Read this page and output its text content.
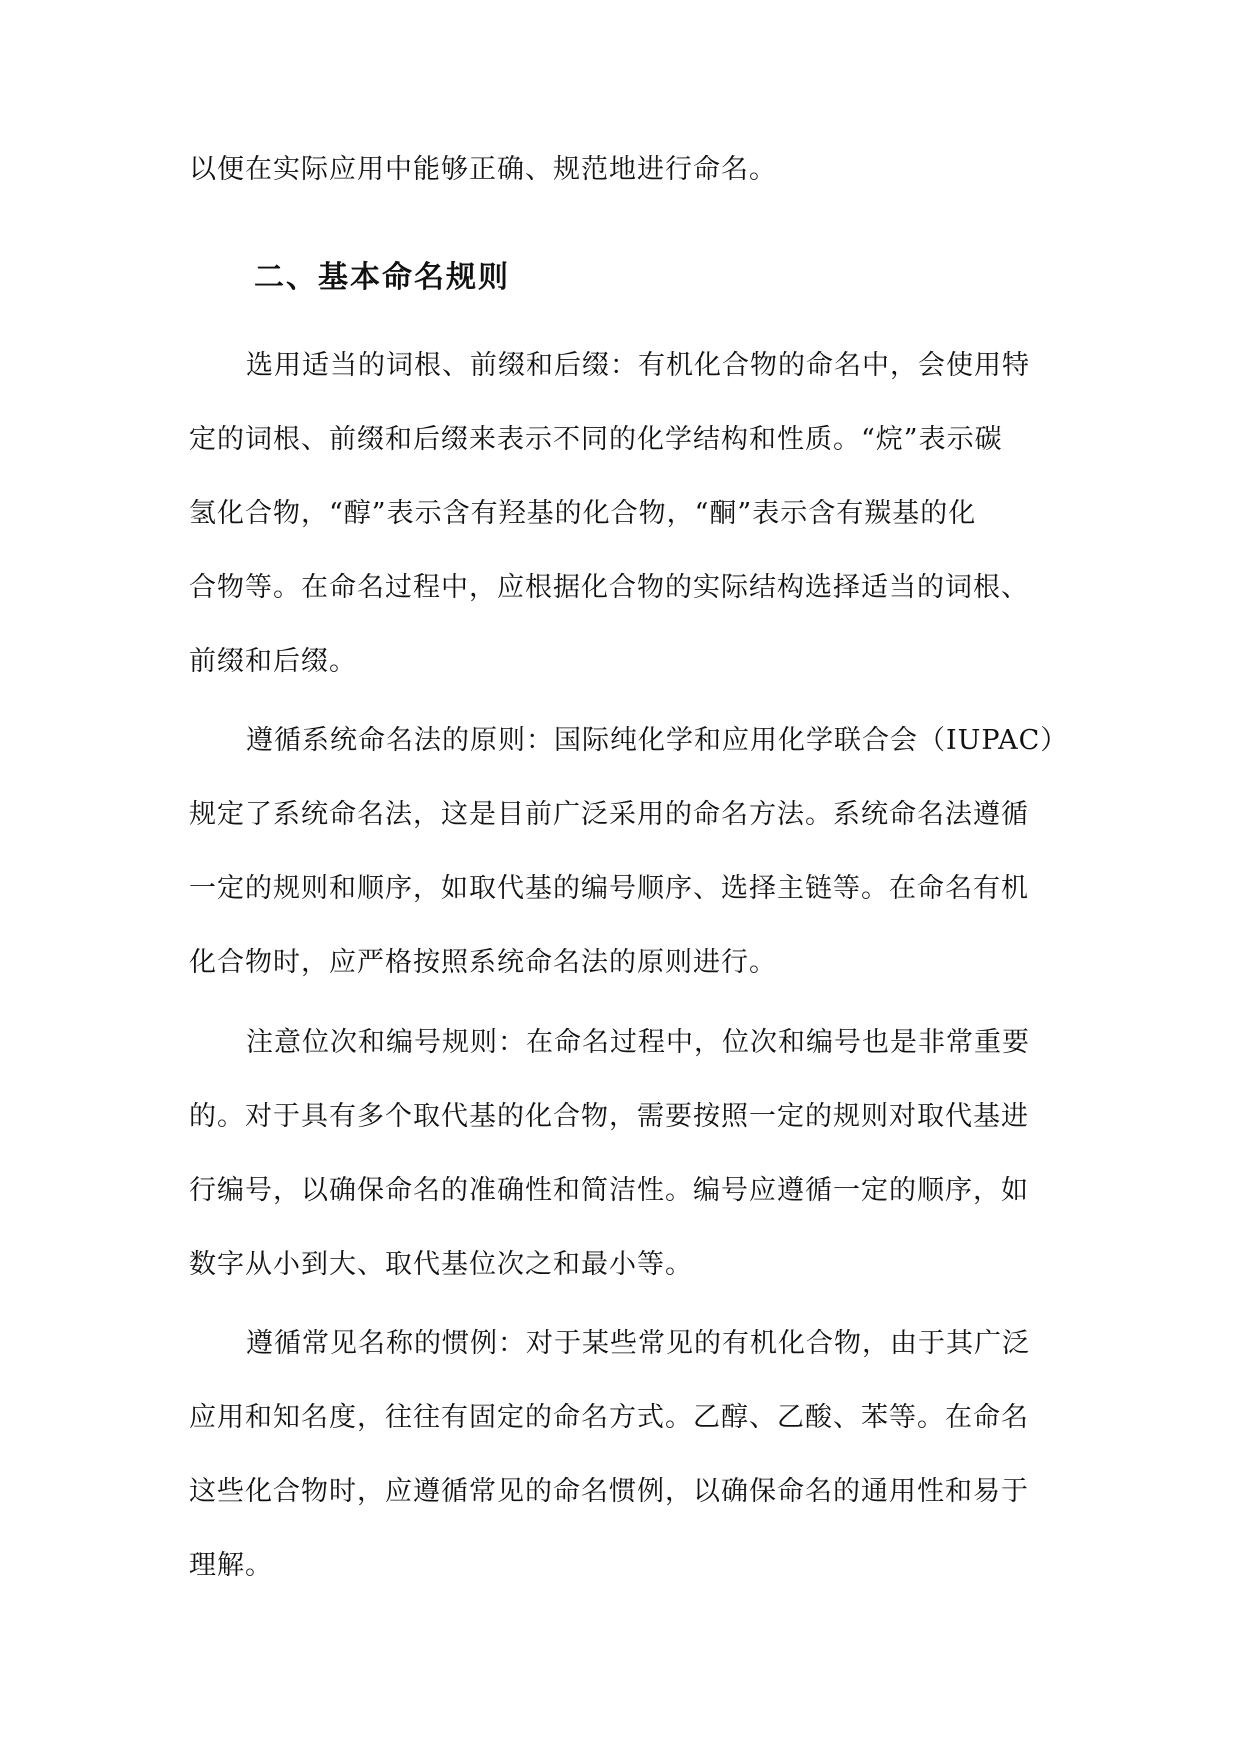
以便在实际应用中能够正确、规范地进行命名。
二、基本命名规则
选用适当的词根、前缀和后缀：有机化合物的命名中，会使用特
定的词根、前缀和后缀来表示不同的化学结构和性质。“烷”表示碳
氢化合物，“醇”表示含有羟基的化合物，“酮”表示含有羰基的化
合物等。在命名过程中，应根据化合物的实际结构选择适当的词根、
前缀和后缀。
遵循系统命名法的原则：国际纯化学和应用化学联合会（IUPAC）
规定了系统命名法，这是目前广泛采用的命名方法。系统命名法遵循
一定的规则和顺序，如取代基的编号顺序、选择主链等。在命名有机
化合物时，应严格按照系统命名法的原则进行。
注意位次和编号规则：在命名过程中，位次和编号也是非常重要
的。对于具有多个取代基的化合物，需要按照一定的规则对取代基进
行编号，以确保命名的准确性和简洁性。编号应遵循一定的顺序，如
数字从小到大、取代基位次之和最小等。
遵循常见名称的惯例：对于某些常见的有机化合物，由于其广泛
应用和知名度，往往有固定的命名方式。乙醇、乙酸、苯等。在命名
这些化合物时，应遵循常见的命名惯例，以确保命名的通用性和易于
理解。
